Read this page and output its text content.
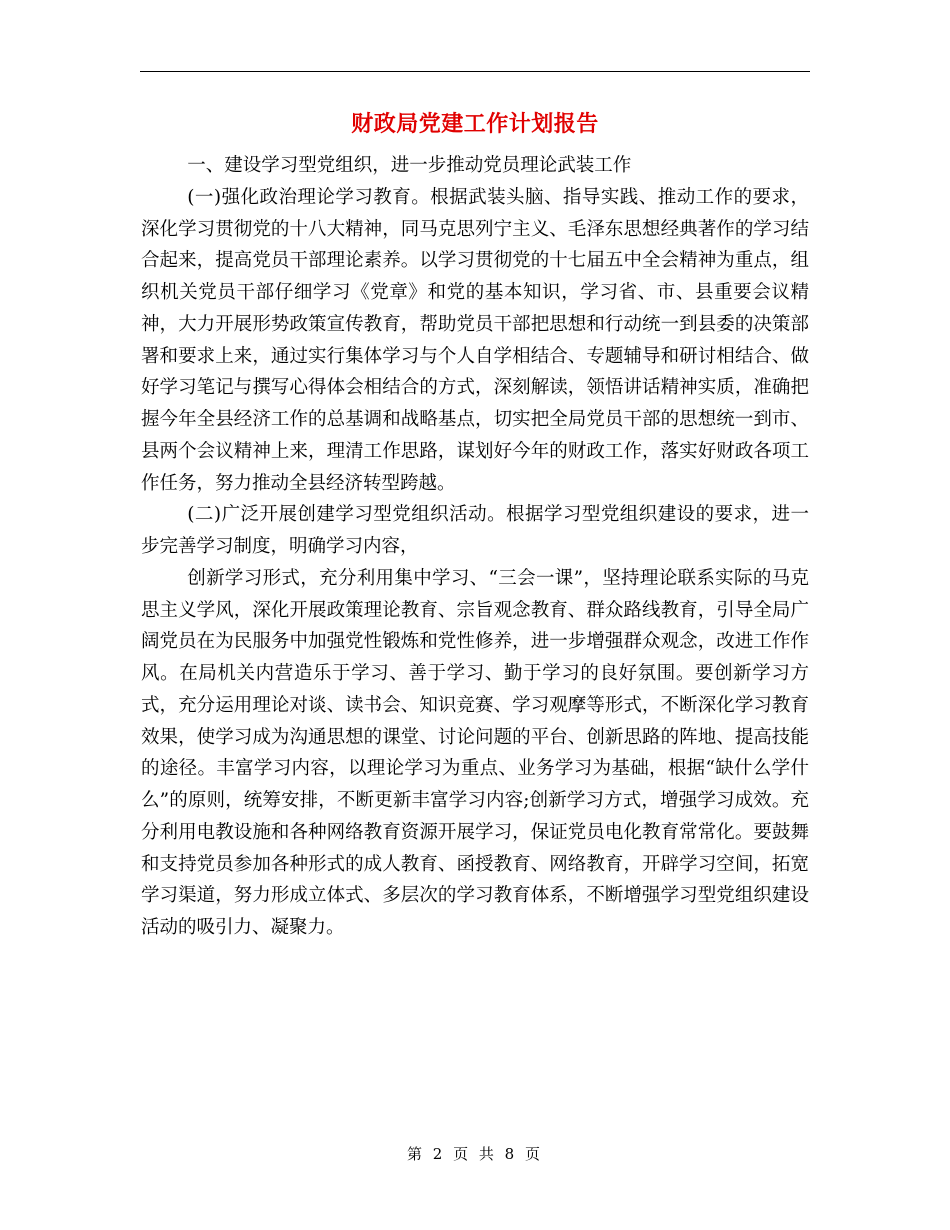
财政局党建工作计划报告

一、建设学习型党组织，进一步推动党员理论武装工作

(一)强化政治理论学习教育。根据武装头脑、指导实践、推动工作的要求，深化学习贯彻党的十八大精神，同马克思列宁主义、毛泽东思想经典著作的学习结合起来，提高党员干部理论素养。以学习贯彻党的十七届五中全会精神为重点，组织机关党员干部仔细学习《党章》和党的基本知识，学习省、市、县重要会议精神，大力开展形势政策宣传教育，帮助党员干部把思想和行动统一到县委的决策部署和要求上来，通过实行集体学习与个人自学相结合、专题辅导和研讨相结合、做好学习笔记与撰写心得体会相结合的方式，深刻解读，领悟讲话精神实质，准确把握今年全县经济工作的总基调和战略基点，切实把全局党员干部的思想统一到市、县两个会议精神上来，理清工作思路，谋划好今年的财政工作，落实好财政各项工作任务，努力推动全县经济转型跨越。

(二)广泛开展创建学习型党组织活动。根据学习型党组织建设的要求，进一步完善学习制度，明确学习内容，

创新学习形式，充分利用集中学习、“三会一课”，坚持理论联系实际的马克思主义学风，深化开展政策理论教育、宗旨观念教育、群众路线教育，引导全局广阔党员在为民服务中加强党性锻炼和党性修养，进一步增强群众观念，改进工作作风。在局机关内营造乐于学习、善于学习、勤于学习的良好氛围。要创新学习方式，充分运用理论对谈、读书会、知识竞赛、学习观摩等形式，不断深化学习教育效果，使学习成为沟通思想的课堂、讨论问题的平台、创新思路的阵地、提高技能的途径。丰富学习内容，以理论学习为重点、业务学习为基础，根据“缺什么学什么”的原则，统筹安排，不断更新丰富学习内容;创新学习方式，增强学习成效。充分利用电教设施和各种网络教育资源开展学习，保证党员电化教育常常化。要鼓舞和支持党员参加各种形式的成人教育、函授教育、网络教育，开辟学习空间，拓宽学习渠道，努力形成立体式、多层次的学习教育体系，不断增强学习型党组织建设活动的吸引力、凝聚力。

第 2 页 共 8 页
